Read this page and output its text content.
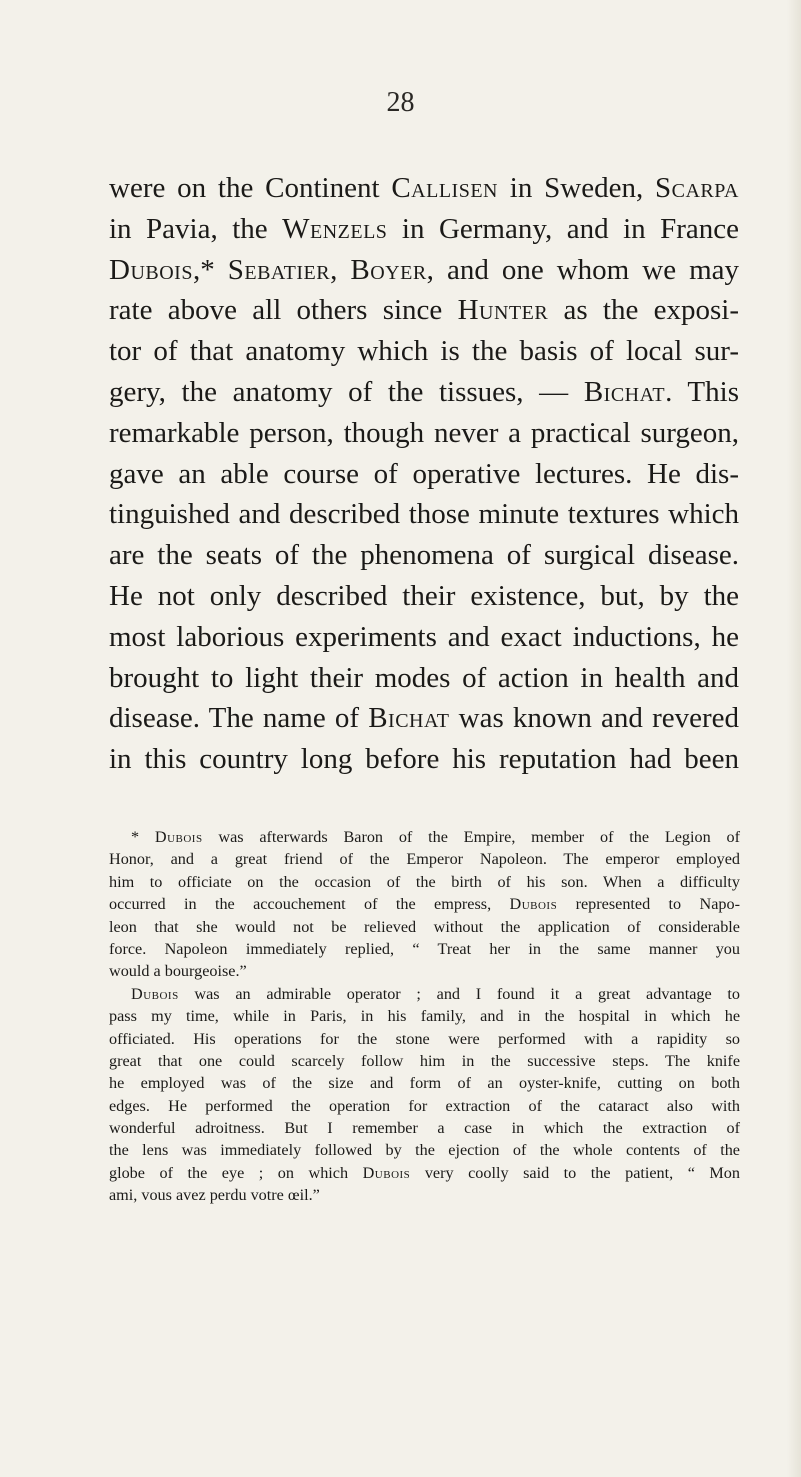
28
were on the Continent Callisen in Sweden, Scarpa
in Pavia, the Wenzels in Germany, and in France
Dubois,* Sebatier, Boyer, and one whom we may
rate above all others since Hunter as the exposi-
tor of that anatomy which is the basis of local sur-
gery, the anatomy of the tissues, — Bichat. This
remarkable person, though never a practical surgeon,
gave an able course of operative lectures. He dis-
tinguished and described those minute textures which
are the seats of the phenomena of surgical disease.
He not only described their existence, but, by the
most laborious experiments and exact inductions, he
brought to light their modes of action in health and
disease. The name of Bichat was known and revered
in this country long before his reputation had been
* Dubois was afterwards Baron of the Empire, member of the Legion of
Honor, and a great friend of the Emperor Napoleon. The emperor employed
him to officiate on the occasion of the birth of his son. When a difficulty
occurred in the accouchement of the empress, Dubois represented to Napo-
leon that she would not be relieved without the application of considerable
force. Napoleon immediately replied, “ Treat her in the same manner you
would a bourgeoise.”
Dubois was an admirable operator ; and I found it a great advantage to
pass my time, while in Paris, in his family, and in the hospital in which he
officiated. His operations for the stone were performed with a rapidity so
great that one could scarcely follow him in the successive steps. The knife
he employed was of the size and form of an oyster-knife, cutting on both
edges. He performed the operation for extraction of the cataract also with
wonderful adroitness. But I remember a case in which the extraction of
the lens was immediately followed by the ejection of the whole contents of the
globe of the eye ; on which Dubois very coolly said to the patient, “ Mon
ami, vous avez perdu votre œil.”
